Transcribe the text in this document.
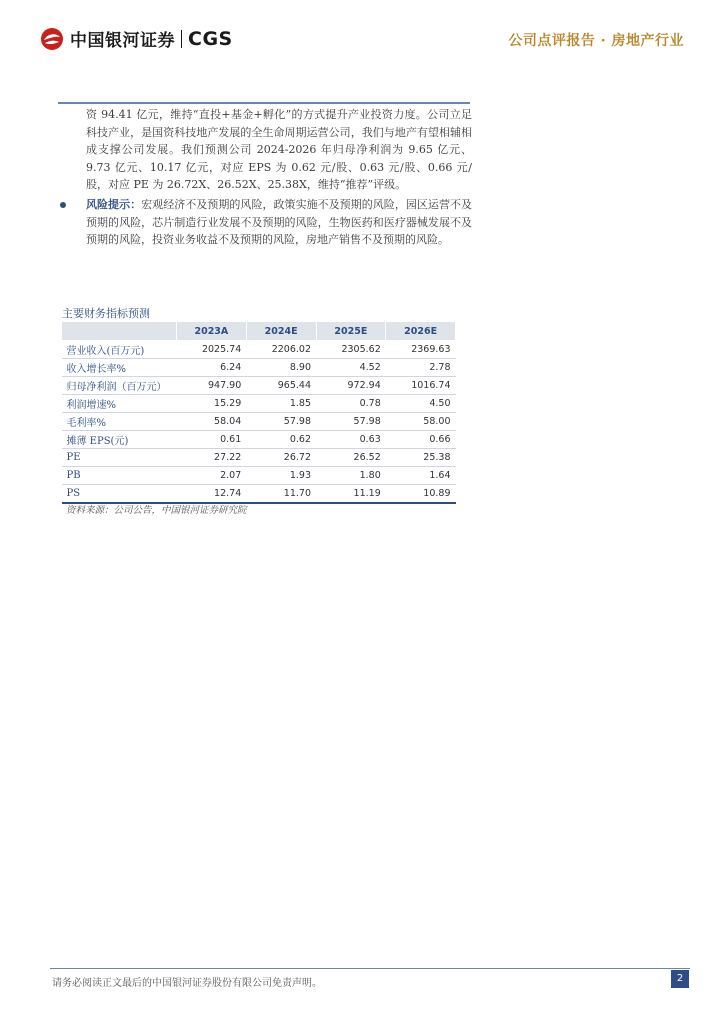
中国银河证券 CGS	公司点评报告 · 房地产行业
资 94.41 亿元，维持“直投+基金+孵化”的方式提升产业投资力度。公司立足科技产业，是国资科技地产发展的全生命周期运营公司，我们与地产有望相辅相成支撑公司发展。我们预测公司 2024-2026 年归母净利润为 9.65 亿元、9.73 亿元、10.17 亿元，对应 EPS 为 0.62 元/股、0.63 元/股、0.66 元/股，对应 PE 为 26.72X、26.52X、25.38X，维持“推荐”评级。
风险提示：宏观经济不及预期的风险，政策实施不及预期的风险，园区运营不及预期的风险，芯片制造行业发展不及预期的风险，生物医药和医疗器械发展不及预期的风险，投资业务收益不及预期的风险，房地产销售不及预期的风险。
主要财务指标预测
	2023A	2024E	2025E	2026E
营业收入(百万元)	2025.74	2206.02	2305.62	2369.63
收入增长率%	6.24	8.90	4.52	2.78
归母净利润（百万元）	947.90	965.44	972.94	1016.74
利润增速%	15.29	1.85	0.78	4.50
毛利率%	58.04	57.98	57.98	58.00
摊薄 EPS(元)	0.61	0.62	0.63	0.66
PE	27.22	26.72	26.52	25.38
PB	2.07	1.93	1.80	1.64
PS	12.74	11.70	11.19	10.89
资料来源：公司公告，中国银河证券研究院
请务必阅读正文最后的中国银河证券股份有限公司免责声明。	2
